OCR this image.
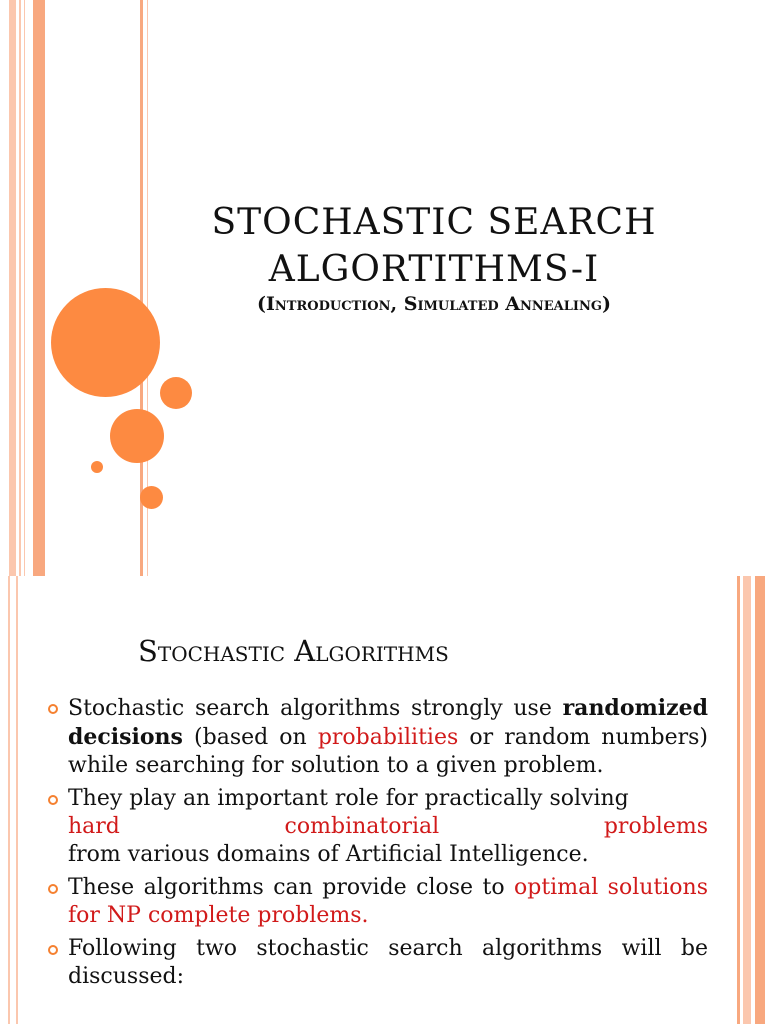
STOCHASTIC SEARCH
ALGORTITHMS-I
(Introduction, Simulated Annealing)
Stochastic Algorithms
Stochastic search algorithms strongly use randomized decisions (based on probabilities or random numbers) while searching for solution to a given problem.
They play an important role for practically solving
hard combinatorial problems
from various domains of Artificial Intelligence.
These algorithms can provide close to optimal solutions for NP complete problems.
Following two stochastic search algorithms will be discussed:
